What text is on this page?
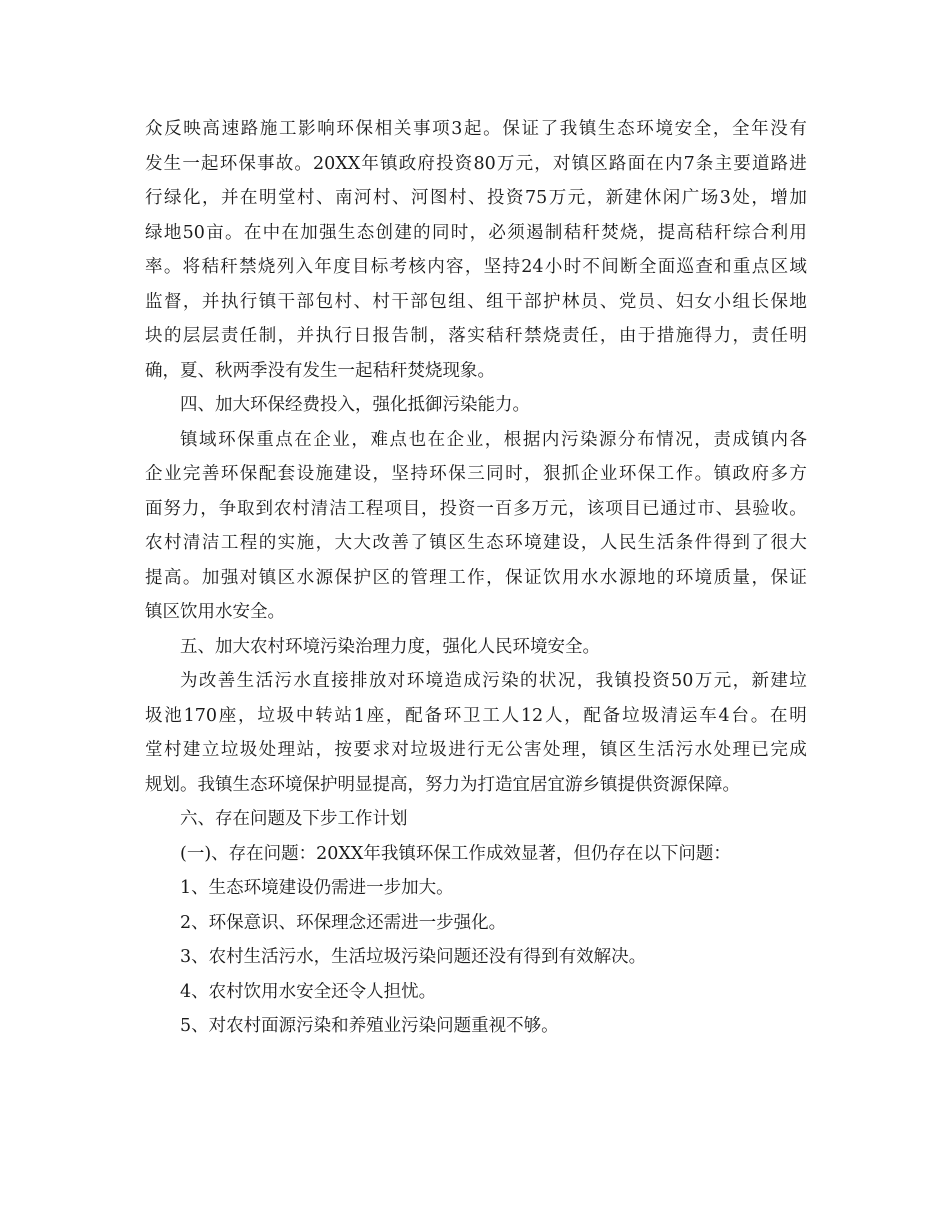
众 反 映 高 速 路 施 工 影 响 环 保 相 关 事 项 3 起 。 保 证 了 我 镇 生 态 环 境 安 全 ， 全 年 没 有
发 生 一 起 环 保 事 故 。 20XX 年 镇 政 府 投 资 80 万 元 ， 对 镇 区 路 面 在 内 7 条 主 要 道 路 进
行 绿 化 ， 并 在 明 堂 村 、 南 河 村 、 河 图 村 、 投 资 75 万 元 ， 新 建 休 闲 广 场 3 处 ， 增 加
绿 地 50 亩 。 在 中 在 加 强 生 态 创 建 的 同 时 ， 必 须 遏 制 秸 秆 焚 烧 ， 提 高 秸 秆 综 合 利 用
率 。 将 秸 秆 禁 烧 列 入 年 度 目 标 考 核 内 容 ， 坚 持 24 小 时 不 间 断 全 面 巡 查 和 重 点 区 域
监 督 ， 并 执 行 镇 干 部 包 村 、 村 干 部 包 组 、 组 干 部 护 林 员 、 党 员 、 妇 女 小 组 长 保 地
块 的 层 层 责 任 制 ， 并 执 行 日 报 告 制 ， 落 实 秸 秆 禁 烧 责 任 ， 由 于 措 施 得 力 ， 责 任 明
确，夏、秋两季没有发生一起秸秆焚烧现象。
四、加大环保经费投入，强化抵御污染能力。
镇 域 环 保 重 点 在 企 业 ， 难 点 也 在 企 业 ， 根 据 内 污 染 源 分 布 情 况 ， 责 成 镇 内 各
企 业 完 善 环 保 配 套 设 施 建 设 ， 坚 持 环 保 三 同 时 ， 狠 抓 企 业 环 保 工 作 。 镇 政 府 多 方
面 努 力 ， 争 取 到 农 村 清 洁 工 程 项 目 ， 投 资 一 百 多 万 元 ， 该 项 目 已 通 过 市 、 县 验 收 。
农 村 清 洁 工 程 的 实 施 ， 大 大 改 善 了 镇 区 生 态 环 境 建 设 ， 人 民 生 活 条 件 得 到 了 很 大
提 高 。 加 强 对 镇 区 水 源 保 护 区 的 管 理 工 作 ， 保 证 饮 用 水 水 源 地 的 环 境 质 量 ， 保 证
镇区饮用水安全。
五、加大农村环境污染治理力度，强化人民环境安全。
为 改 善 生 活 污 水 直 接 排 放 对 环 境 造 成 污 染 的 状 况 ， 我 镇 投 资 50 万 元 ， 新 建 垃
圾 池 170 座 ， 垃 圾 中 转 站 1 座 ， 配 备 环 卫 工 人 12 人 ， 配 备 垃 圾 清 运 车 4 台 。 在 明
堂 村 建 立 垃 圾 处 理 站 ， 按 要 求 对 垃 圾 进 行 无 公 害 处 理 ， 镇 区 生 活 污 水 处 理 已 完 成
规划。我镇生态环境保护明显提高，努力为打造宜居宜游乡镇提供资源保障。
六、存在问题及下步工作计划
(一)、存在问题：20XX年我镇环保工作成效显著，但仍存在以下问题：
1、生态环境建设仍需进一步加大。
2、环保意识、环保理念还需进一步强化。
3、农村生活污水，生活垃圾污染问题还没有得到有效解决。
4、农村饮用水安全还令人担忧。
5、对农村面源污染和养殖业污染问题重视不够。
